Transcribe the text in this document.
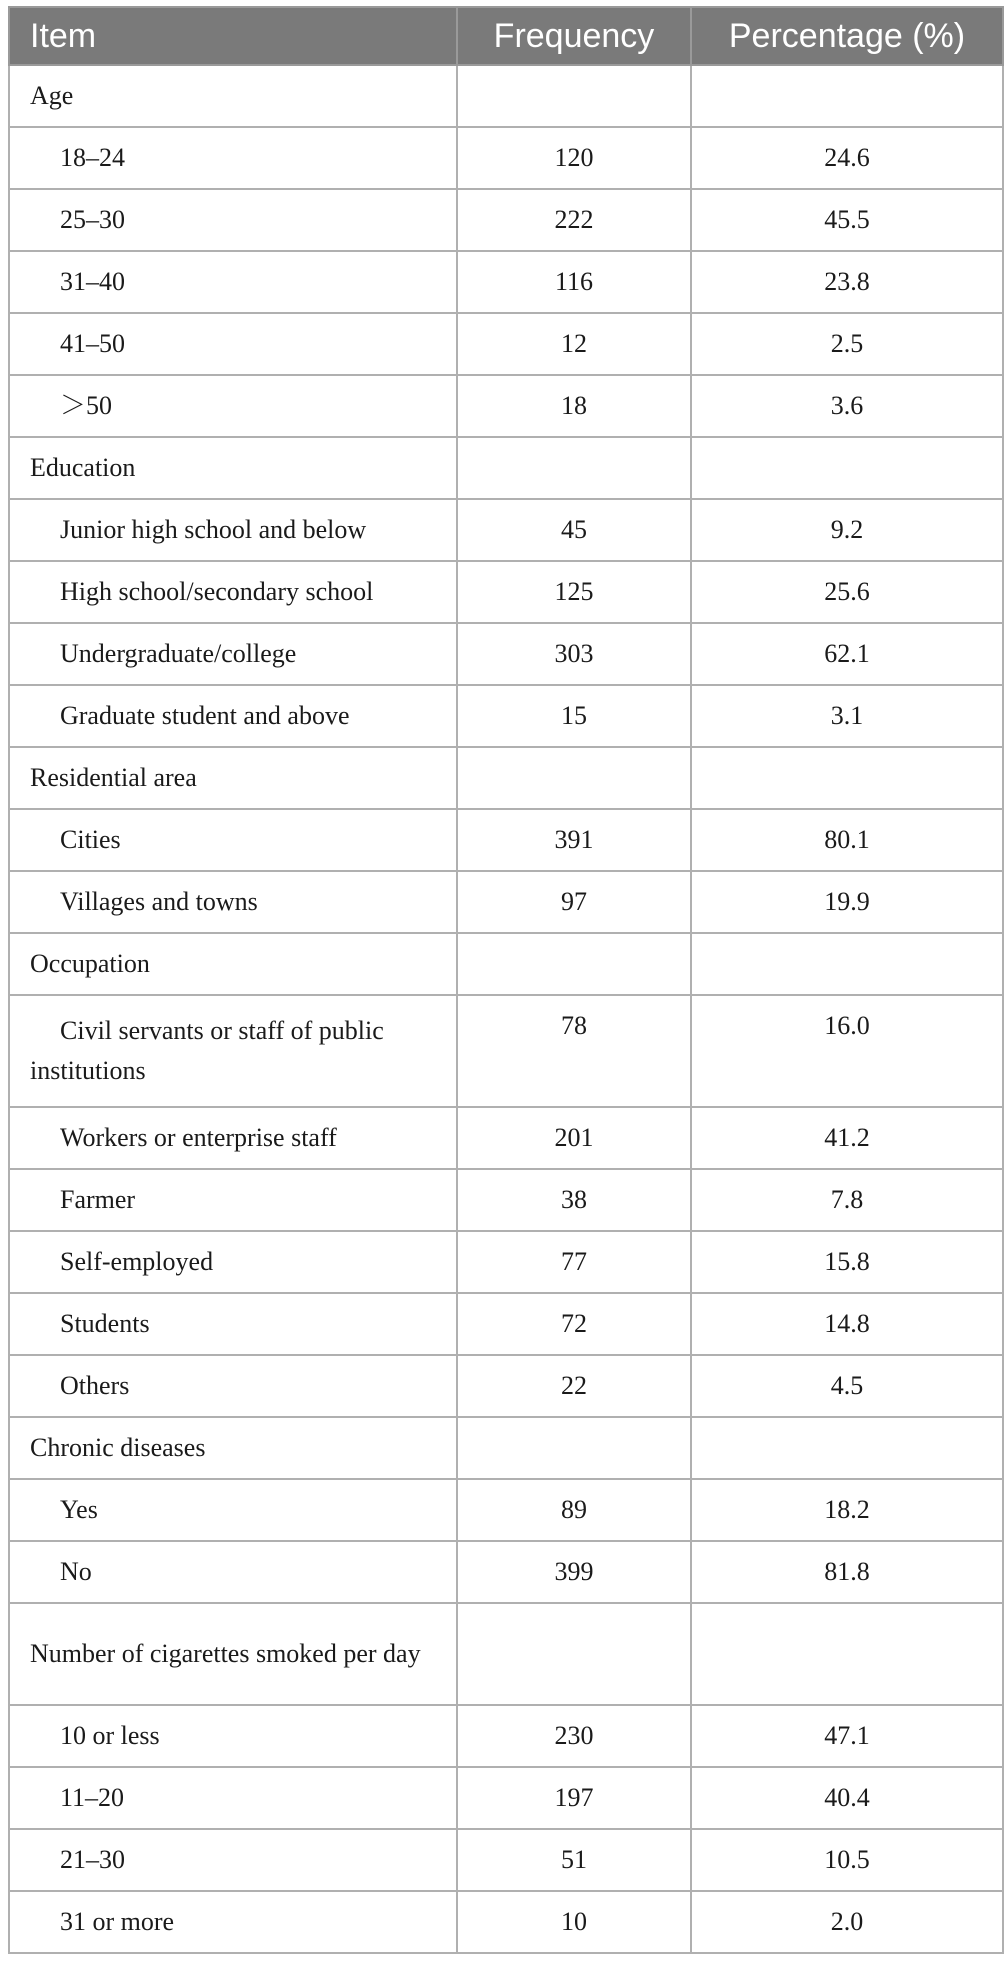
Item	Frequency	Percentage (%)
Age		
18–24	120	24.6
25–30	222	45.5
31–40	116	23.8
41–50	12	2.5
＞50	18	3.6
Education		
Junior high school and below	45	9.2
High school/secondary school	125	25.6
Undergraduate/college	303	62.1
Graduate student and above	15	3.1
Residential area		
Cities	391	80.1
Villages and towns	97	19.9
Occupation		
Civil servants or staff of public institutions	78	16.0
Workers or enterprise staff	201	41.2
Farmer	38	7.8
Self-employed	77	15.8
Students	72	14.8
Others	22	4.5
Chronic diseases		
Yes	89	18.2
No	399	81.8
Number of cigarettes smoked per day		
10 or less	230	47.1
11–20	197	40.4
21–30	51	10.5
31 or more	10	2.0
